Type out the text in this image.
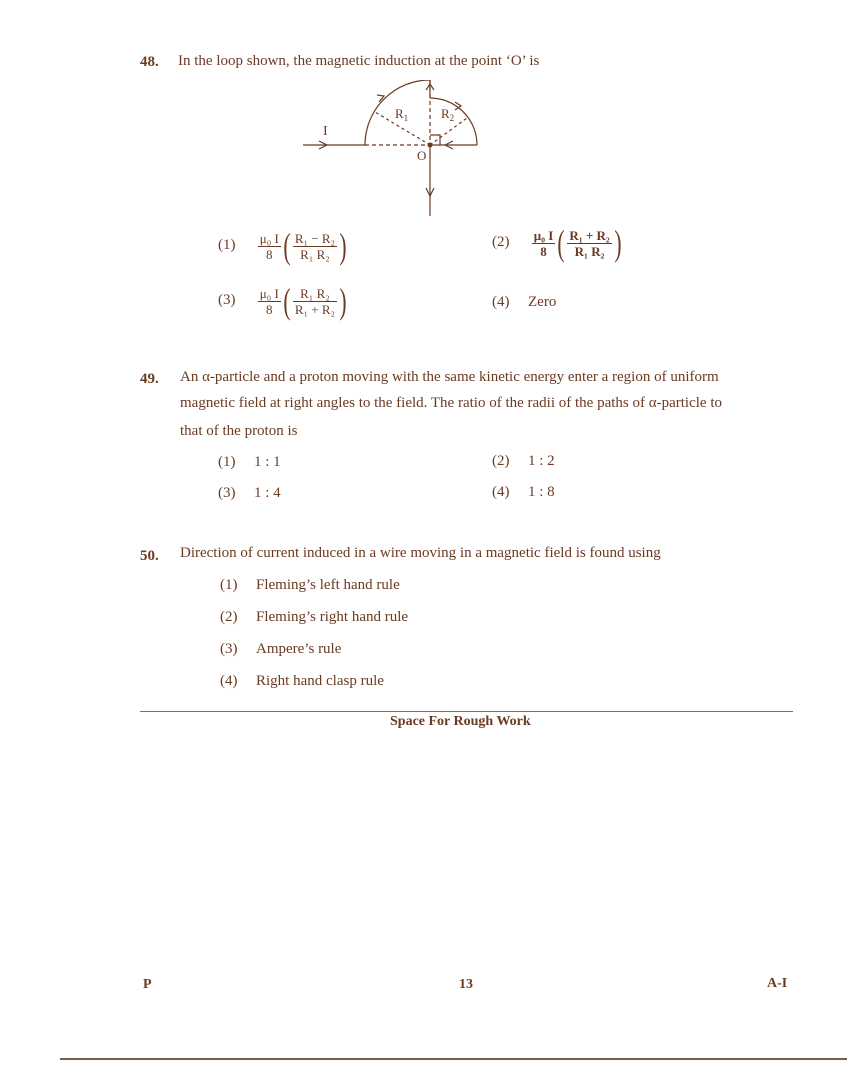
48. In the loop shown, the magnetic induction at the point ‘O’ is
I
$R_1$	$R_2$
O
$(1) \frac{\text{μ₀ I}}{8}$ ( $\frac{\text{R₁ − R₂}}{\text{R₁ R₂}}$ )	$(2) \frac{\text{μ₀ I}}{8}$ ( $\frac{\text{R₁ + R₂}}{\text{R₁ R₂}}$ )
$(3) \frac{\text{μ₀ I}}{8}$ ( $\frac{\text{R₁ R₂}}{\text{R₁ + R₂}}$ )	(4) Zero
49. An α-particle and a proton moving with the same kinetic energy enter a region of uniform
magnetic field at right angles to the field. The ratio of the radii of the paths of α-particle to
that of the proton is
(1) 1 : 1	(2) 1 : 2
(3) 1 : 4	(4) 1 : 8
50. Direction of current induced in a wire moving in a magnetic field is found using
(1) Fleming’s left hand rule
(2) Fleming’s right hand rule
(3) Ampere’s rule
(4) Right hand clasp rule
Space For Rough Work
P	13	A-I
